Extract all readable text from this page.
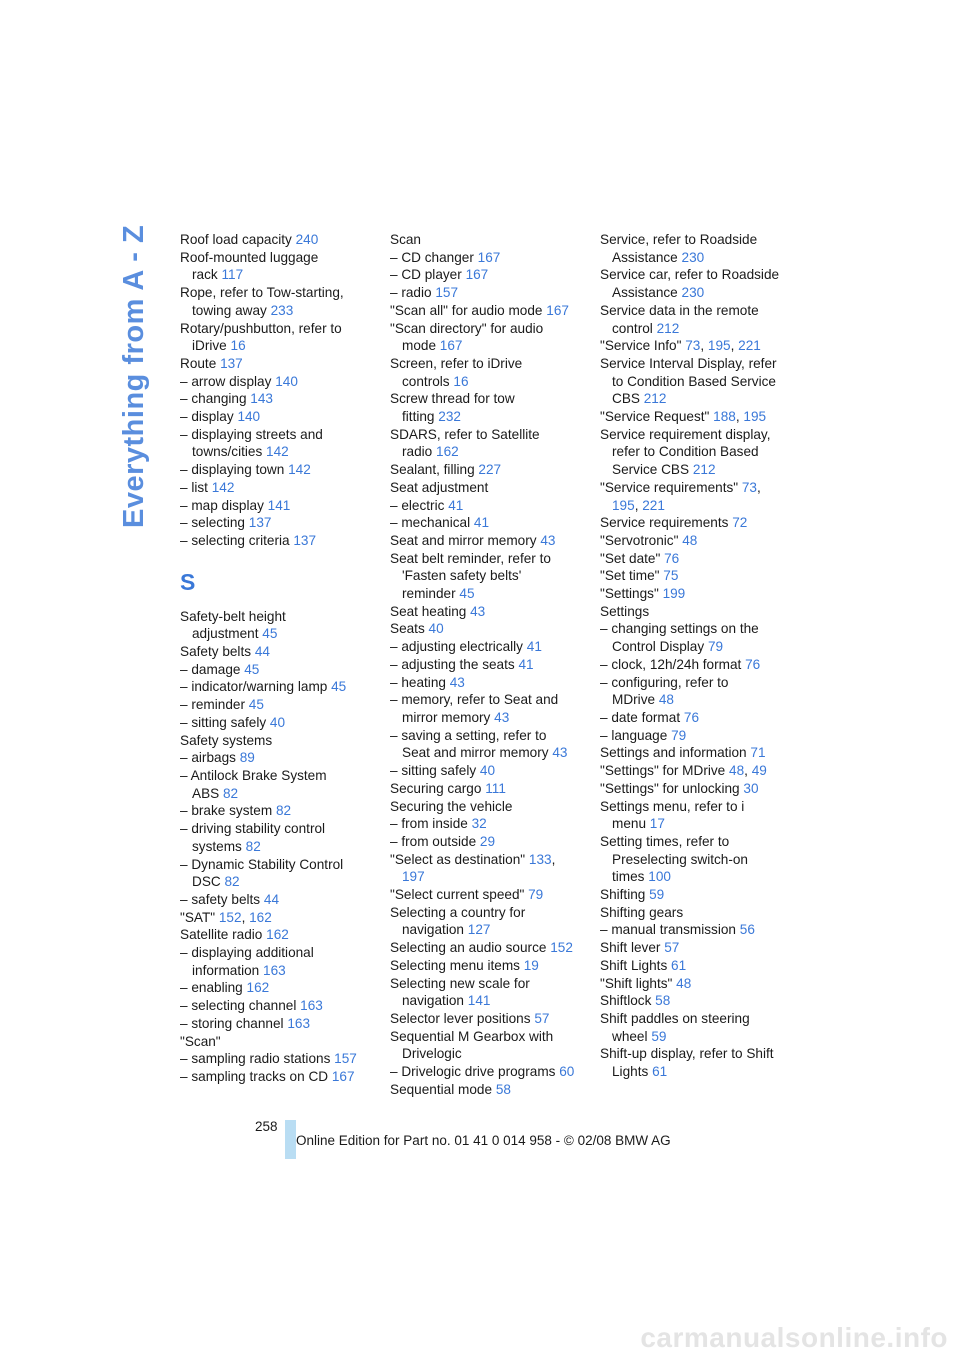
Everything from A - Z Roof load capacity 240
Roof-mounted luggage rack 117
Rope, refer to Tow-starting, towing away 233
Rotary/pushbutton, refer to iDrive 16
Route 137
– arrow display 140
– changing 143
– display 140
– displaying streets and towns/cities 142
– displaying town 142
– list 142
– map display 141
– selecting 137
– selecting criteria 137
S
Safety-belt height adjustment 45
Safety belts 44
– damage 45
– indicator/warning lamp 45
– reminder 45
– sitting safely 40
Safety systems
– airbags 89
– Antilock Brake System ABS 82
– brake system 82
– driving stability control systems 82
– Dynamic Stability Control DSC 82
– safety belts 44
"SAT" 152, 162
Satellite radio 162
– displaying additional information 163
– enabling 162
– selecting channel 163
– storing channel 163
"Scan"
– sampling radio stations 157
– sampling tracks on CD 167
Scan
– CD changer 167
– CD player 167
– radio 157
"Scan all" for audio mode 167
"Scan directory" for audio mode 167
Screen, refer to iDrive controls 16
Screw thread for tow fitting 232
SDARS, refer to Satellite radio 162
Sealant, filling 227
Seat adjustment
– electric 41
– mechanical 41
Seat and mirror memory 43
Seat belt reminder, refer to 'Fasten safety belts' reminder 45
Seat heating 43
Seats 40
– adjusting electrically 41
– adjusting the seats 41
– heating 43
– memory, refer to Seat and mirror memory 43
– saving a setting, refer to Seat and mirror memory 43
– sitting safely 40
Securing cargo 111
Securing the vehicle
– from inside 32
– from outside 29
"Select as destination" 133, 197
"Select current speed" 79
Selecting a country for navigation 127
Selecting an audio source 152
Selecting menu items 19
Selecting new scale for navigation 141
Selector lever positions 57
Sequential M Gearbox with Drivelogic
– Drivelogic drive programs 60
Sequential mode 58
Service, refer to Roadside Assistance 230
Service car, refer to Roadside Assistance 230
Service data in the remote control 212
"Service Info" 73, 195, 221
Service Interval Display, refer to Condition Based Service CBS 212
"Service Request" 188, 195
Service requirement display, refer to Condition Based Service CBS 212
"Service requirements" 73, 195, 221
Service requirements 72
"Servotronic" 48
"Set date" 76
"Set time" 75
"Settings" 199
Settings
– changing settings on the Control Display 79
– clock, 12h/24h format 76
– configuring, refer to MDrive 48
– date format 76
– language 79
Settings and information 71
"Settings" for MDrive 48, 49
"Settings" for unlocking 30
Settings menu, refer to i menu 17
Setting times, refer to Preselecting switch-on times 100
Shifting 59
Shifting gears
– manual transmission 56
Shift lever 57
Shift Lights 61
"Shift lights" 48
Shiftlock 58
Shift paddles on steering wheel 59
Shift-up display, refer to Shift Lights 61
258
Online Edition for Part no. 01 41 0 014 958 - © 02/08 BMW AG
carmanualsonline.info
